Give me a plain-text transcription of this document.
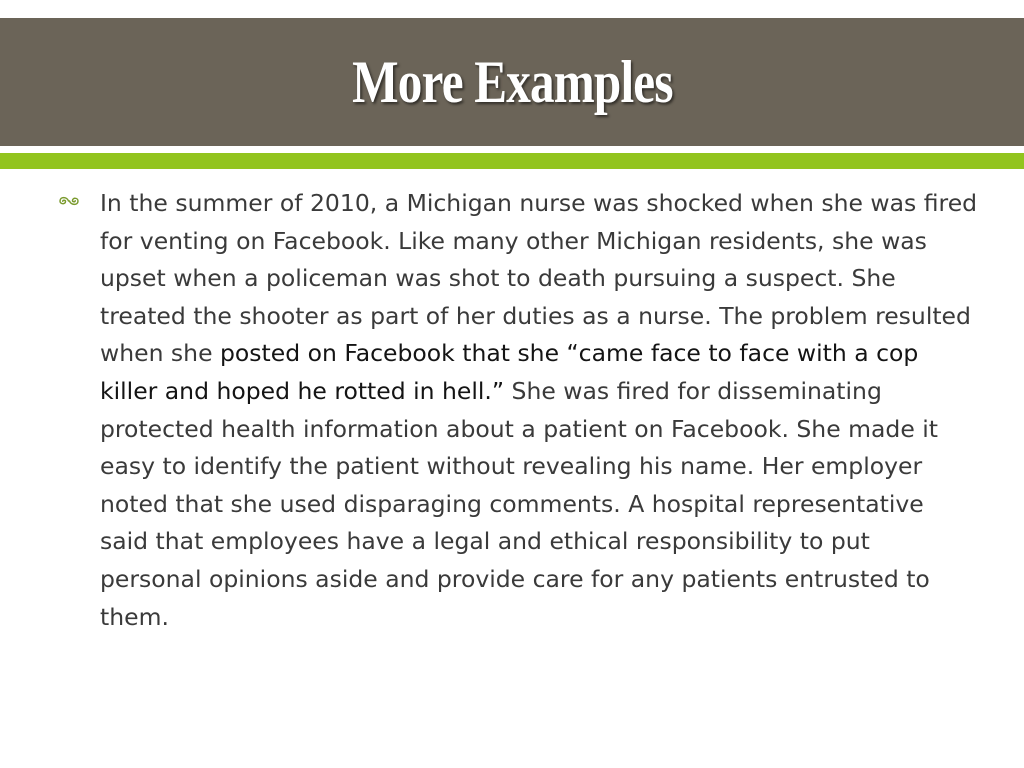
More Examples

In the summer of 2010, a Michigan nurse was shocked when she was fired for venting on Facebook. Like many other Michigan residents, she was upset when a policeman was shot to death pursuing a suspect. She treated the shooter as part of her duties as a nurse. The problem resulted when she posted on Facebook that she “came face to face with a cop killer and hoped he rotted in hell.” She was fired for disseminating protected health information about a patient on Facebook. She made it easy to identify the patient without revealing his name. Her employer noted that she used disparaging comments. A hospital representative said that employees have a legal and ethical responsibility to put personal opinions aside and provide care for any patients entrusted to them.
